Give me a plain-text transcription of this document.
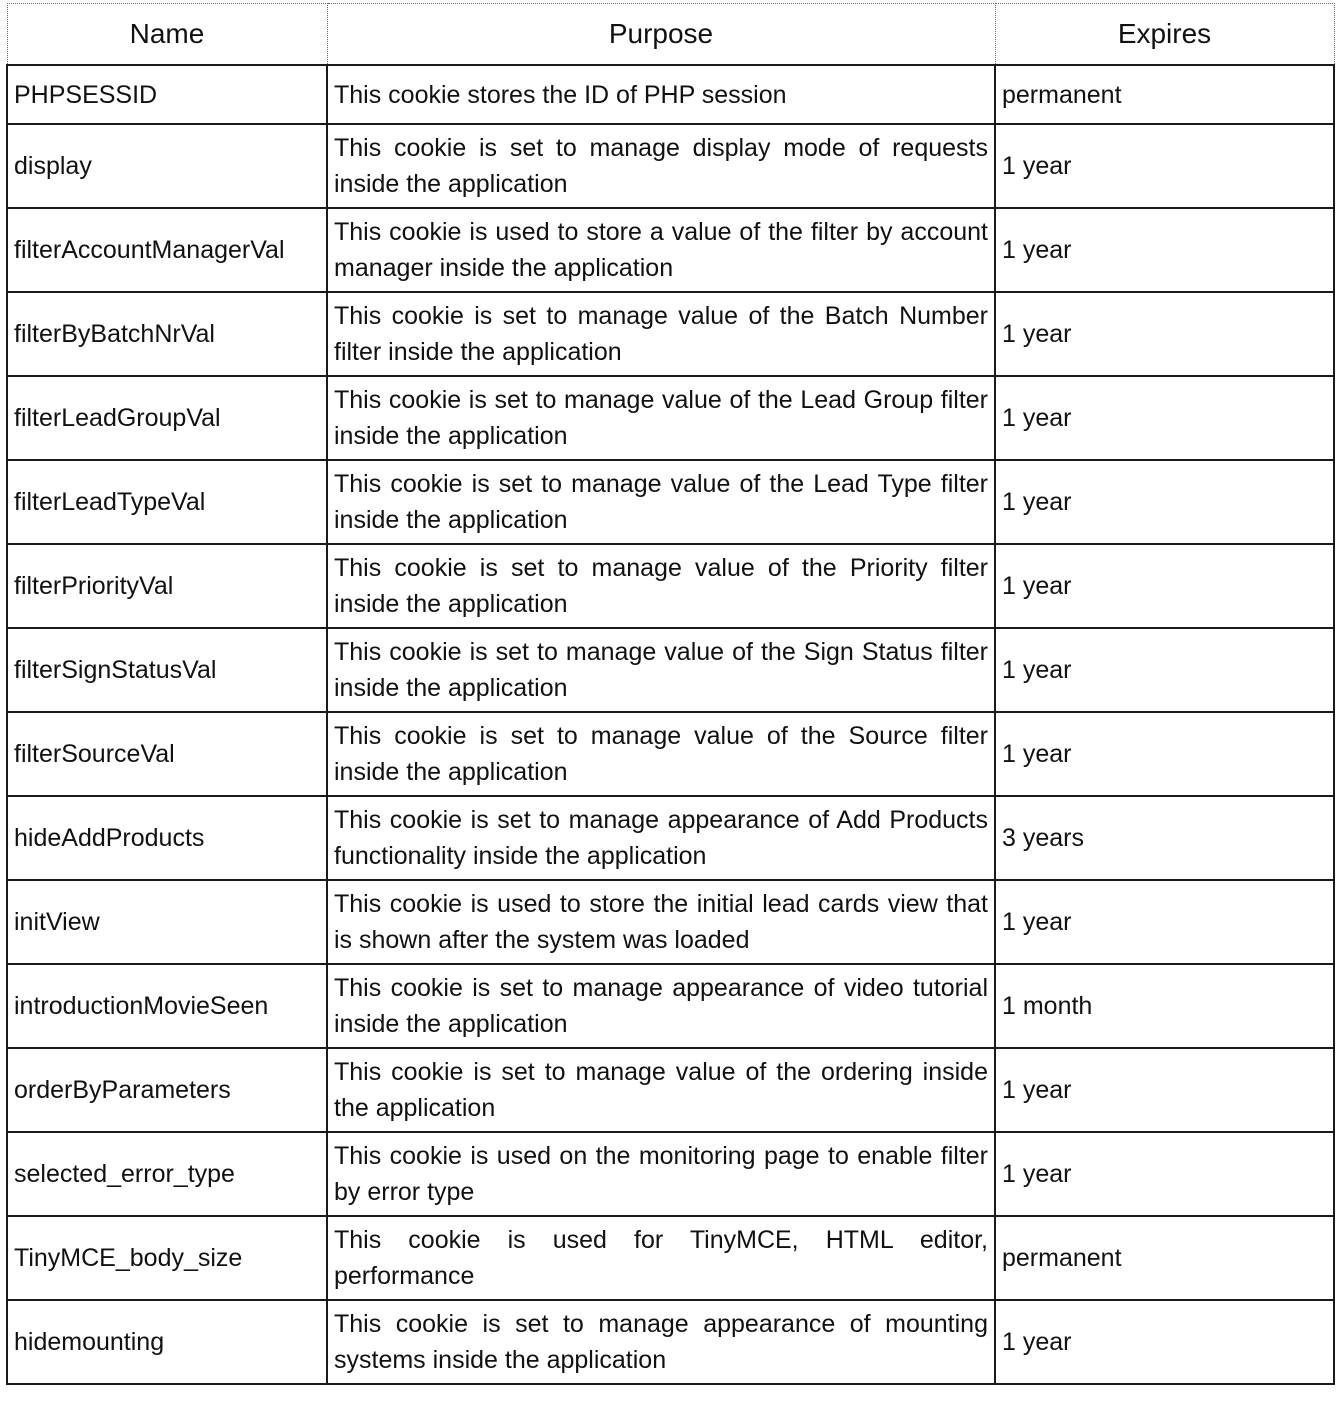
Name	Purpose	Expires
PHPSESSID	This cookie stores the ID of PHP session	permanent
display	This cookie is set to manage display mode of requests inside the application	1 year
filterAccountManagerVal	This cookie is used to store a value of the filter by account manager inside the application	1 year
filterByBatchNrVal	This cookie is set to manage value of the Batch Number filter inside the application	1 year
filterLeadGroupVal	This cookie is set to manage value of the Lead Group filter inside the application	1 year
filterLeadTypeVal	This cookie is set to manage value of the Lead Type filter inside the application	1 year
filterPriorityVal	This cookie is set to manage value of the Priority filter inside the application	1 year
filterSignStatusVal	This cookie is set to manage value of the Sign Status filter inside the application	1 year
filterSourceVal	This cookie is set to manage value of the Source filter inside the application	1 year
hideAddProducts	This cookie is set to manage appearance of Add Products functionality inside the application	3 years
initView	This cookie is used to store the initial lead cards view that is shown after the system was loaded	1 year
introductionMovieSeen	This cookie is set to manage appearance of video tutorial inside the application	1 month
orderByParameters	This cookie is set to manage value of the ordering inside the application	1 year
selected_error_type	This cookie is used on the monitoring page to enable filter by error type	1 year
TinyMCE_body_size	This cookie is used for TinyMCE, HTML editor, performance	permanent
hidemounting	This cookie is set to manage appearance of mounting systems inside the application	1 year
